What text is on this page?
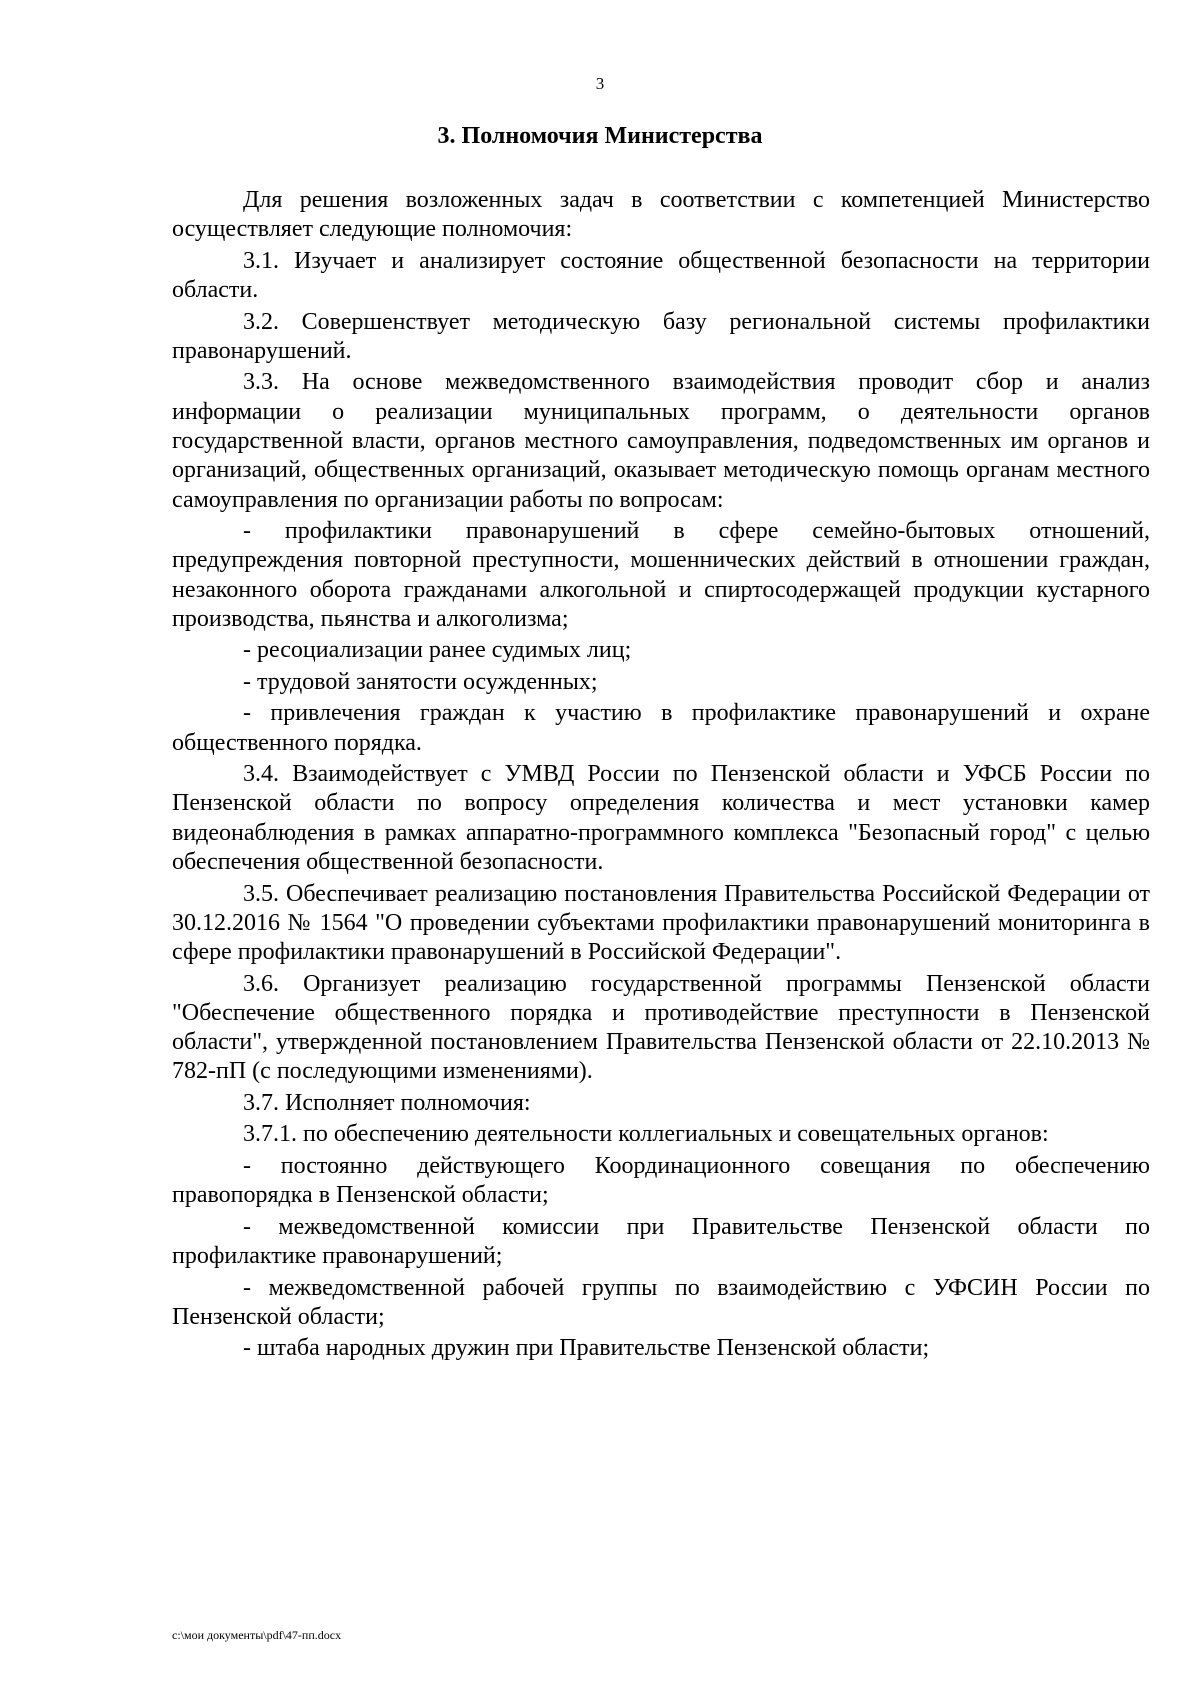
3
3. Полномочия Министерства

Для решения возложенных задач в соответствии с компетенцией Министерство осуществляет следующие полномочия:

3.1. Изучает и анализирует состояние общественной безопасности на территории области.

3.2. Совершенствует методическую базу региональной системы профилактики правонарушений.

3.3. На основе межведомственного взаимодействия проводит сбор и анализ информации о реализации муниципальных программ, о деятельности органов государственной власти, органов местного самоуправления, подведомственных им органов и организаций, общественных организаций, оказывает методическую помощь органам местного самоуправления по организации работы по вопросам:

- профилактики правонарушений в сфере семейно-бытовых отношений, предупреждения повторной преступности, мошеннических действий в отношении граждан, незаконного оборота гражданами алкогольной и спиртосодержащей продукции кустарного производства, пьянства и алкоголизма;

- ресоциализации ранее судимых лиц;

- трудовой занятости осужденных;

- привлечения граждан к участию в профилактике правонарушений и охране общественного порядка.

3.4. Взаимодействует с УМВД России по Пензенской области и УФСБ России по Пензенской области по вопросу определения количества и мест установки камер видеонаблюдения в рамках аппаратно-программного комплекса "Безопасный город" с целью обеспечения общественной безопасности.

3.5. Обеспечивает реализацию постановления Правительства Российской Федерации от 30.12.2016 № 1564 "О проведении субъектами профилактики правонарушений мониторинга в сфере профилактики правонарушений в Российской Федерации".

3.6. Организует реализацию государственной программы Пензенской области "Обеспечение общественного порядка и противодействие преступности в Пензенской области", утвержденной постановлением Правительства Пензенской области от 22.10.2013 № 782-пП (с последующими изменениями).

3.7. Исполняет полномочия:

3.7.1. по обеспечению деятельности коллегиальных и совещательных органов:

- постоянно действующего Координационного совещания по обеспечению правопорядка в Пензенской области;

- межведомственной комиссии при Правительстве Пензенской области по профилактике правонарушений;

- межведомственной рабочей группы по взаимодействию с УФСИН России по Пензенской области;

- штаба народных дружин при Правительстве Пензенской области;

c:\мои документы\pdf\47-пп.docx
